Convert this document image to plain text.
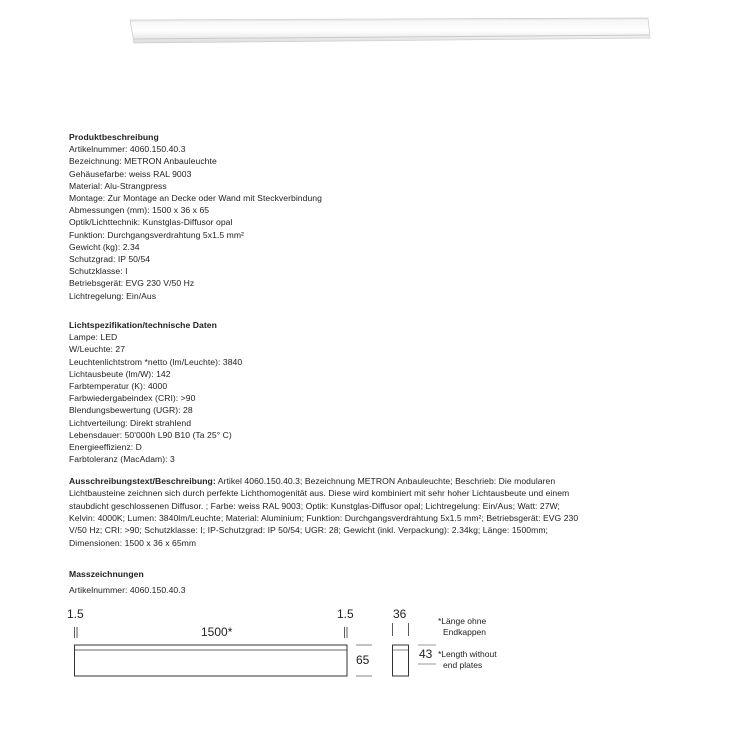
Produktbeschreibung
Artikelnummer: 4060.150.40.3
Bezeichnung: METRON Anbauleuchte
Gehäusefarbe: weiss RAL 9003
Material: Alu-Strangpress
Montage: Zur Montage an Decke oder Wand mit Steckverbindung
Abmessungen (mm): 1500 x 36 x 65
Optik/Lichttechnik: Kunstglas-Diffusor opal
Funktion: Durchgangsverdrahtung 5x1.5 mm²
Gewicht (kg): 2.34
Schutzgrad: IP 50/54
Schutzklasse: I
Betriebsgerät: EVG 230 V/50 Hz
Lichtregelung: Ein/Aus
Lichtspezifikation/technische Daten
Lampe: LED
W/Leuchte: 27
Leuchtenlichtstrom *netto (lm/Leuchte): 3840
Lichtausbeute (lm/W): 142
Farbtemperatur (K): 4000
Farbwiedergabeindex (CRI): >90
Blendungsbewertung (UGR): 28
Lichtverteilung: Direkt strahlend
Lebensdauer: 50'000h L90 B10 (Ta 25° C)
Energieeffizienz: D
Farbtoleranz (MacAdam): 3
Ausschreibungstext/Beschreibung: Artikel 4060.150.40.3; Bezeichnung METRON Anbauleuchte; Beschrieb: Die modularen
Lichtbausteine zeichnen sich durch perfekte Lichthomogenität aus. Diese wird kombiniert mit sehr hoher Lichtausbeute und einem
staubdicht geschlossenen Diffusor. ; Farbe: weiss RAL 9003; Optik: Kunstglas-Diffusor opal; Lichtregelung: Ein/Aus; Watt: 27W;
Kelvin: 4000K; Lumen: 3840lm/Leuchte; Material: Aluminium; Funktion: Durchgangsverdrahtung 5x1.5 mm²; Betriebsgerät: EVG 230
V/50 Hz; CRI: >90; Schutzklasse: I; IP-Schutzgrad: IP 50/54; UGR: 28; Gewicht (inkl. Verpackung): 2.34kg; Länge: 1500mm;
Dimensionen: 1500 x 36 x 65mm
Masszeichnungen
Artikelnummer: 4060.150.40.3
1.5	1.5
1500*
65
36
43
*Länge ohne
Endkappen
*Length without
end plates
